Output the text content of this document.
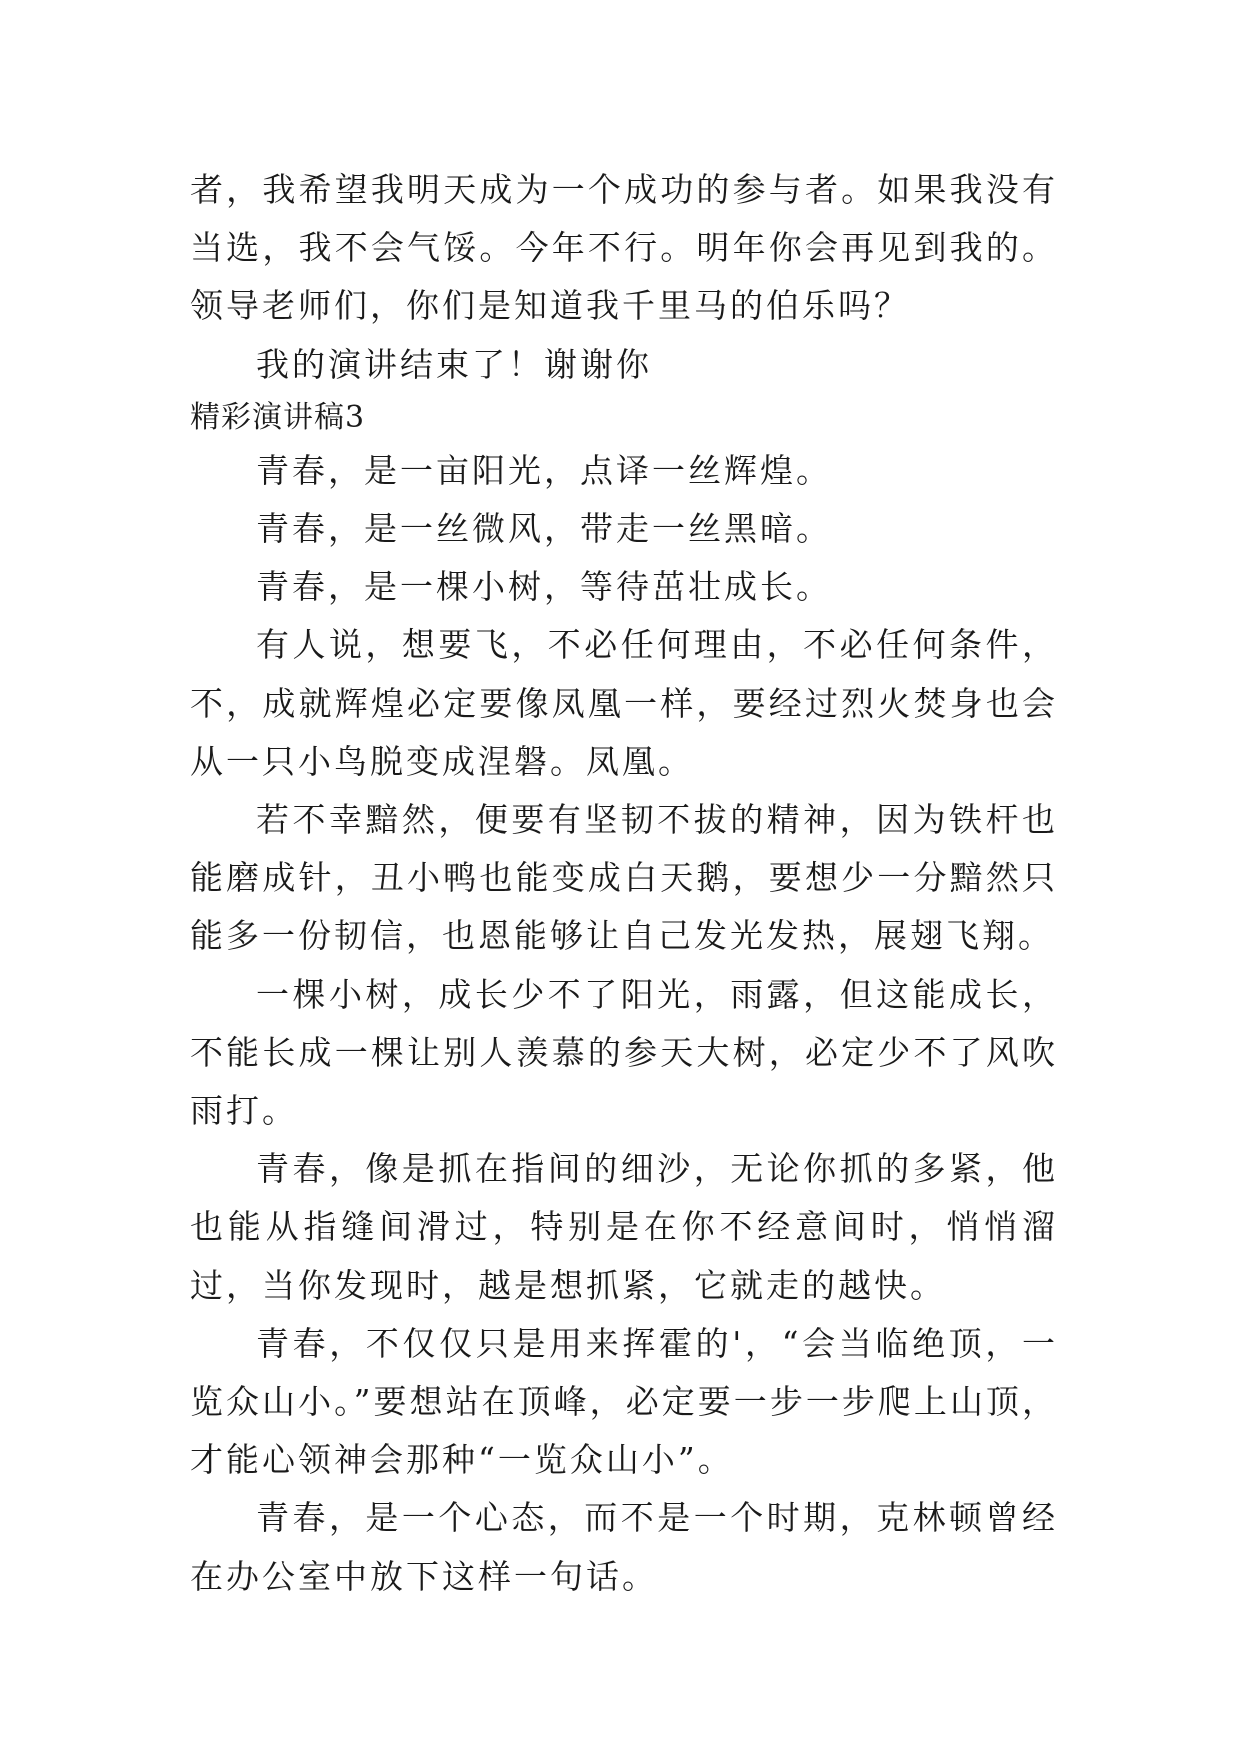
者，我希望我明天成为一个成功的参与者。如果我没有当选，我不会气馁。今年不行。明年你会再见到我的。领导老师们，你们是知道我千里马的伯乐吗？

我的演讲结束了！谢谢你

精彩演讲稿3

青春，是一亩阳光，点译一丝辉煌。

青春，是一丝微风，带走一丝黑暗。

青春，是一棵小树，等待茁壮成长。

有人说，想要飞，不必任何理由，不必任何条件，不，成就辉煌必定要像凤凰一样，要经过烈火焚身也会从一只小鸟脱变成涅磐。凤凰。

若不幸黯然，便要有坚韧不拔的精神，因为铁杆也能磨成针，丑小鸭也能变成白天鹅，要想少一分黯然只能多一份韧信，也恩能够让自己发光发热，展翅飞翔。

一棵小树，成长少不了阳光，雨露，但这能成长，不能长成一棵让别人羡慕的参天大树，必定少不了风吹雨打。

青春，像是抓在指间的细沙，无论你抓的多紧，他也能从指缝间滑过，特别是在你不经意间时，悄悄溜过，当你发现时，越是想抓紧，它就走的越快。

青春，不仅仅只是用来挥霍的'，“会当临绝顶，一览众山小。”要想站在顶峰，必定要一步一步爬上山顶，才能心领神会那种“一览众山小”。

青春，是一个心态，而不是一个时期，克林顿曾经在办公室中放下这样一句话。
